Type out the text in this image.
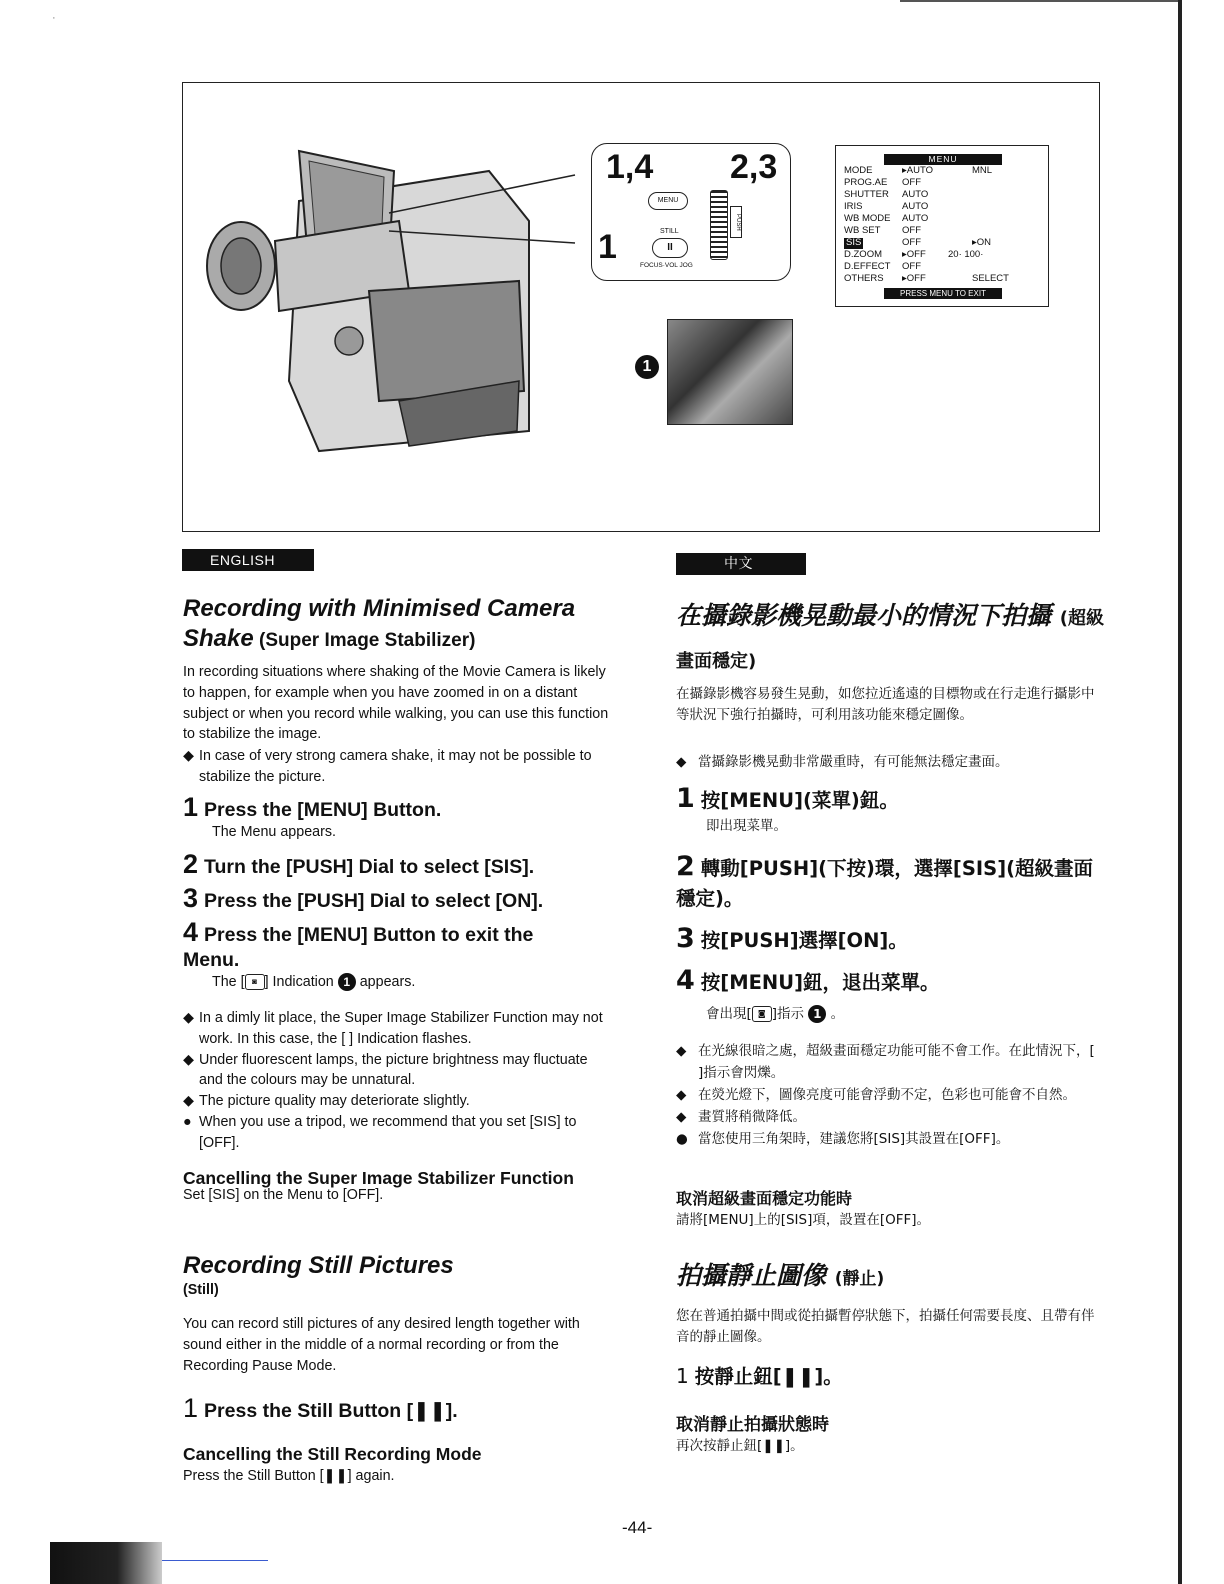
·
1,4 2,3
1
MENU
STILL
II
FOCUS·VOL JOG
PUSH
MENU
MODE	▸AUTO	MNL
PROG.AE OFF
SHUTTER AUTO
IRIS	AUTO
WB MODE AUTO
WB SET OFF
SIS	OFF	▸ON
D.ZOOM ▸OFF 20· 100·
D.EFFECT OFF
OTHERS ▸OFF	SELECT
PRESS MENU TO EXIT
1
ENGLISH
Recording with Minimised Camera
Shake (Super Image Stabilizer)
In recording situations where shaking of the Movie Camera is likely to happen, for example when you have zoomed in on a distant subject or when you record while walking, you can use this function to stabilize the image.
◆ In case of very strong camera shake, it may not be possible to stabilize the picture.
1 Press the [MENU] Button.
The Menu appears.
2 Turn the [PUSH] Dial to select [SIS].
3 Press the [PUSH] Dial to select [ON].
4 Press the [MENU] Button to exit the Menu.
The [ ◙ ] Indication 1 appears.
◆ In a dimly lit place, the Super Image Stabilizer Function may not work. In this case, the [ ] Indication flashes.
◆ Under fluorescent lamps, the picture brightness may fluctuate and the colours may be unnatural.
◆ The picture quality may deteriorate slightly.
● When you use a tripod, we recommend that you set [SIS] to [OFF].
Cancelling the Super Image Stabilizer Function
Set [SIS] on the Menu to [OFF].
Recording Still Pictures
(Still)
You can record still pictures of any desired length together with sound either in the middle of a normal recording or from the Recording Pause Mode.
1 Press the Still Button [❚❚].
Cancelling the Still Recording Mode
Press the Still Button [❚❚] again.
中文
在攝錄影機晃動最小的情況下拍攝 (超級畫面穩定)
在攝錄影機容易發生晃動，如您拉近遙遠的目標物或在行走進行攝影中等狀況下強行拍攝時，可利用該功能來穩定圖像。
◆ 當攝錄影機晃動非常嚴重時，有可能無法穩定畫面。
1 按[MENU](菜單)鈕。
即出現菜單。
2 轉動[PUSH](下按)環，選擇[SIS](超級畫面穩定)。
3 按[PUSH]選擇[ON]。
4 按[MENU]鈕，退出菜單。
會出現[ ◙ ]指示 1 。
◆ 在光線很暗之處，超級畫面穩定功能可能不會工作。在此情況下，[ ]指示會閃爍。
◆ 在熒光燈下，圖像亮度可能會浮動不定，色彩也可能會不自然。
◆ 畫質將稍微降低。
● 當您使用三角架時，建議您將[SIS]其設置在[OFF]。
取消超級畫面穩定功能時
請將[MENU]上的[SIS]項，設置在[OFF]。
拍攝靜止圖像 (靜止)
您在普通拍攝中間或從拍攝暫停狀態下，拍攝任何需要長度、且帶有伴音的靜止圖像。
1 按靜止鈕[❚❚]。
取消靜止拍攝狀態時
再次按靜止鈕[❚❚]。
-44-
